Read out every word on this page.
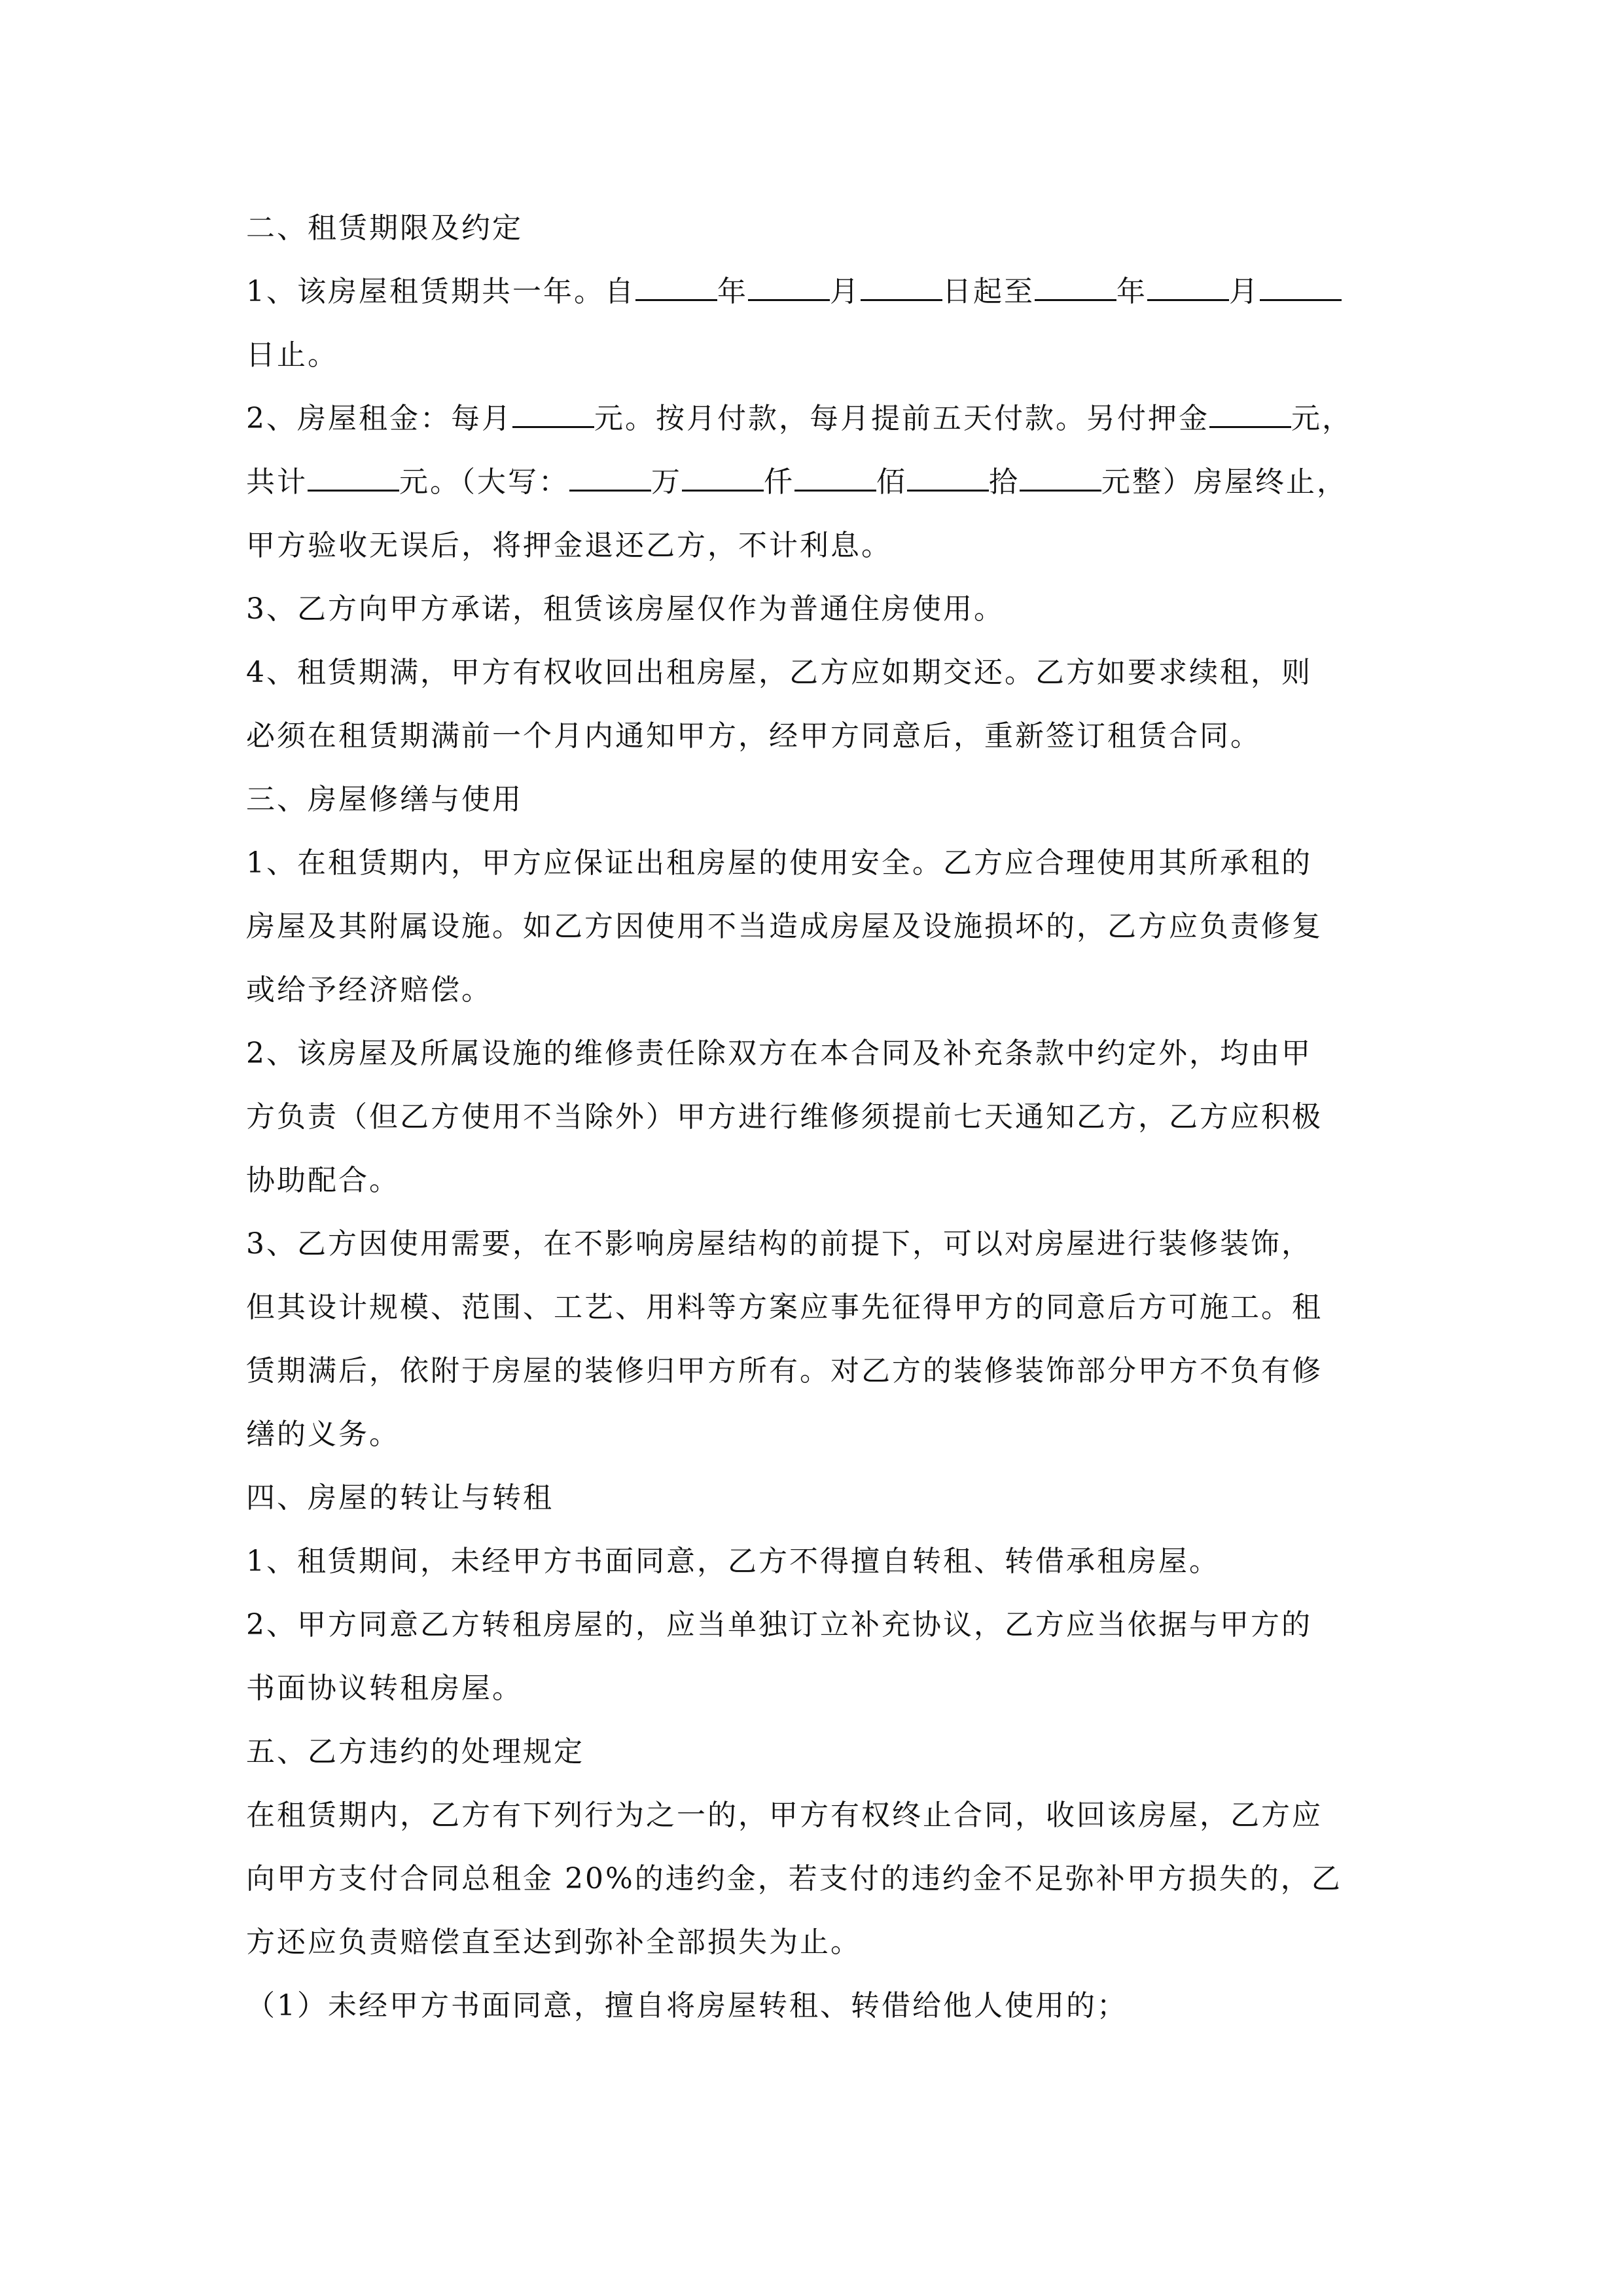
二、租赁期限及约定
1、该房屋租赁期共一年。自	年	月	日起至	年	月
日止。
2、房屋租金：每月	元。按月付款，每月提前五天付款。另付押金	元，
共计	元。（大写：	万	仟	佰	拾	元整）房屋终止，
甲方验收无误后，将押金退还乙方，不计利息。
3、乙方向甲方承诺，租赁该房屋仅作为普通住房使用。
4、租赁期满，甲方有权收回出租房屋，乙方应如期交还。乙方如要求续租，则
必须在租赁期满前一个月内通知甲方，经甲方同意后，重新签订租赁合同。
三、房屋修缮与使用
1、在租赁期内，甲方应保证出租房屋的使用安全。乙方应合理使用其所承租的
房屋及其附属设施。如乙方因使用不当造成房屋及设施损坏的，乙方应负责修复
或给予经济赔偿。
2、该房屋及所属设施的维修责任除双方在本合同及补充条款中约定外，均由甲
方负责（但乙方使用不当除外）甲方进行维修须提前七天通知乙方，乙方应积极
协助配合。
3、乙方因使用需要，在不影响房屋结构的前提下，可以对房屋进行装修装饰，
但其设计规模、范围、工艺、用料等方案应事先征得甲方的同意后方可施工。租
赁期满后，依附于房屋的装修归甲方所有。对乙方的装修装饰部分甲方不负有修
缮的义务。
四、房屋的转让与转租
1、租赁期间，未经甲方书面同意，乙方不得擅自转租、转借承租房屋。
2、甲方同意乙方转租房屋的，应当单独订立补充协议，乙方应当依据与甲方的
书面协议转租房屋。
五、乙方违约的处理规定
在租赁期内，乙方有下列行为之一的，甲方有权终止合同，收回该房屋，乙方应
向甲方支付合同总租金 20%的违约金，若支付的违约金不足弥补甲方损失的，乙
方还应负责赔偿直至达到弥补全部损失为止。
（1）未经甲方书面同意，擅自将房屋转租、转借给他人使用的；
